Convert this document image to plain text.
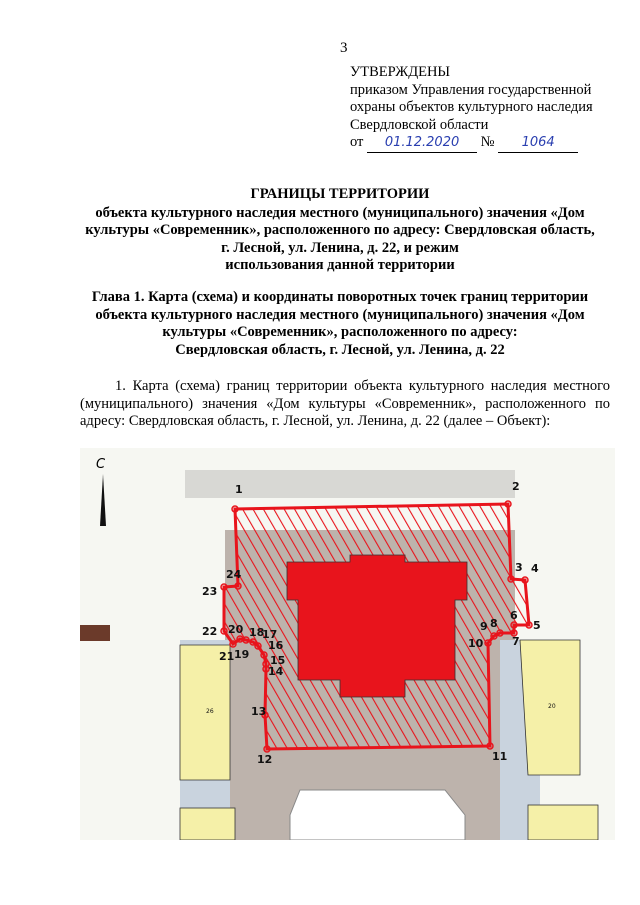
3
УТВЕРЖДЕНЫ
приказом Управления государственной
охраны объектов культурного наследия
Свердловской области
от 01.12.2020 № 1064
ГРАНИЦЫ ТЕРРИТОРИИ
объекта культурного наследия местного (муниципального) значения «Дом
культуры «Современник», расположенного по адресу: Свердловская область,
г. Лесной, ул. Ленина, д. 22, и режим
использования данной территории
Глава 1. Карта (схема) и координаты поворотных точек границ территории
объекта культурного наследия местного (муниципального) значения «Дом
культуры «Современник», расположенного по адресу:
Свердловская область, г. Лесной, ул. Ленина, д. 22
1. Карта (схема) границ территории объекта культурного наследия местного (муниципального) значения «Дом культуры «Современник», расположенного по адресу: Свердловская область, г. Лесной, ул. Ленина, д. 22 (далее – Объект):
26
20
С
1	2
3 4
5
6
7
8
9
10
11
12
13
14
15
16
17
18
19
20
21
22
23
24
